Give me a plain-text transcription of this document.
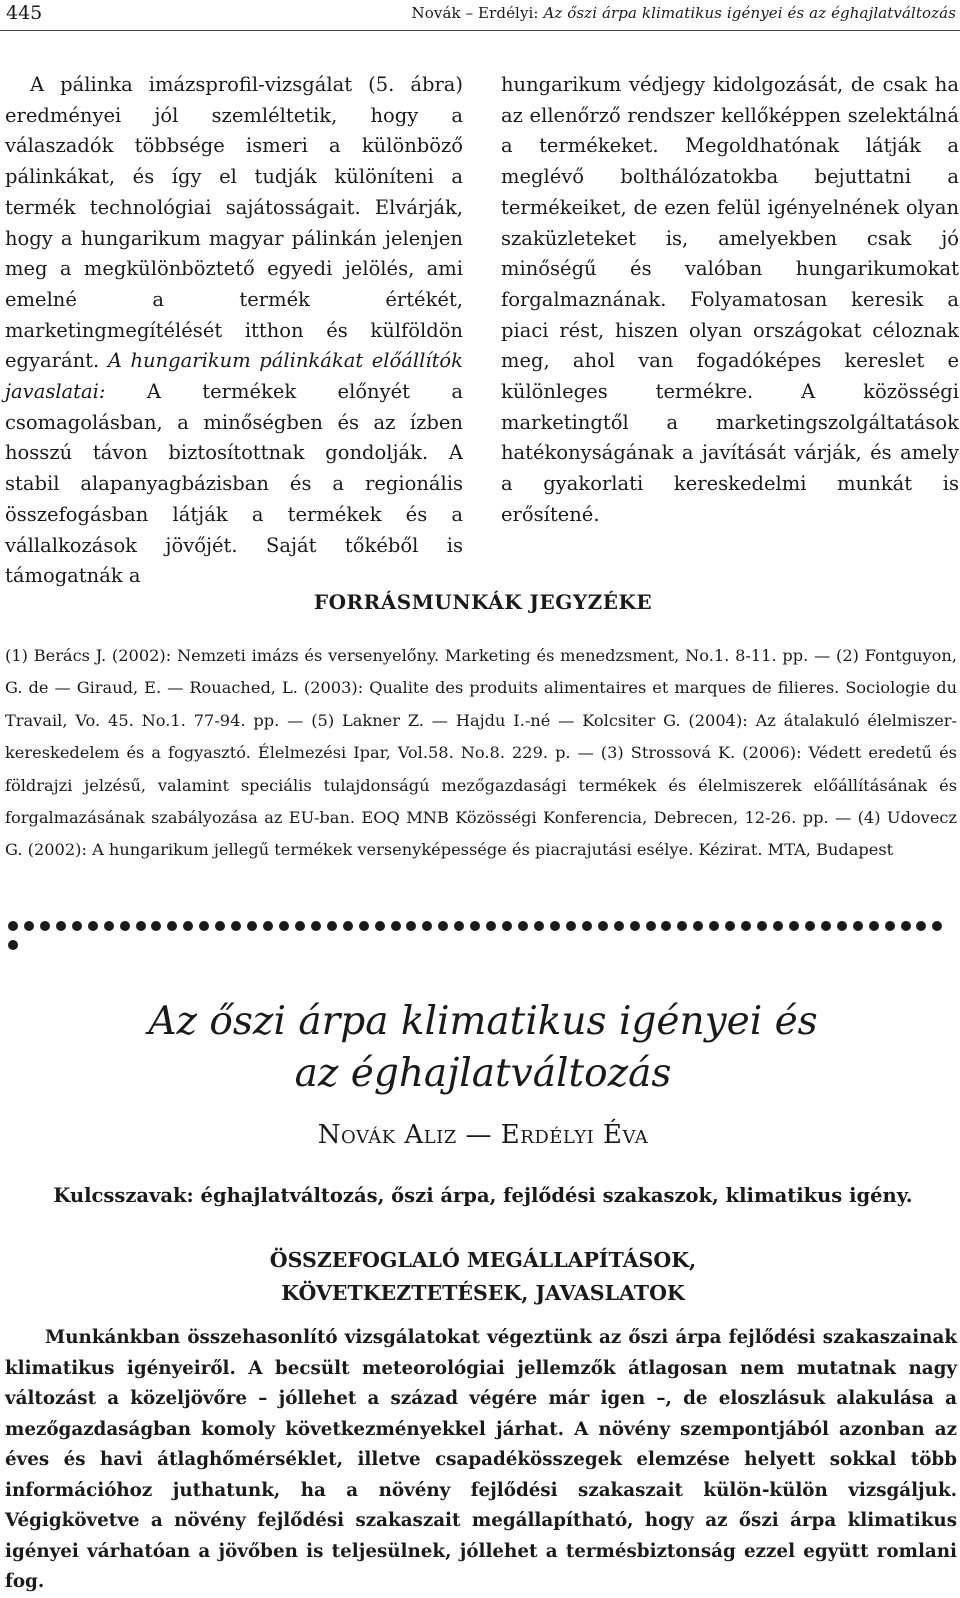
445	Novák – Erdélyi: Az őszi árpa klimatikus igényei és az éghajlatváltozás

A pálinka imázsprofil-vizsgálat (5. ábra) eredményei jól szemléltetik, hogy a válaszadók többsége ismeri a különböző pálinkákat, és így el tudják különíteni a termék technológiai sajátosságait. Elvárják, hogy a hungarikum magyar pálinkán jelenjen meg a megkülönböztető egyedi jelölés, ami emelné a termék értékét, marketingmegítélését itthon és külföldön egyaránt. A hungarikum pálinkákat előállítók javaslatai: A termékek előnyét a csomagolásban, a minőségben és az ízben hosszú távon biztosítottnak gondolják. A stabil alapanyagbázisban és a regionális összefogásban látják a termékek és a vállalkozások jövőjét. Saját tőkéből is támogatnák a

hungarikum védjegy kidolgozását, de csak ha az ellenőrző rendszer kellőképpen szelektálná a termékeket. Megoldhatónak látják a meglévő bolthálózatokba bejuttatni a termékeiket, de ezen felül igényelnének olyan szaküzleteket is, amelyekben csak jó minőségű és valóban hungarikumokat forgalmaznának. Folyamatosan keresik a piaci rést, hiszen olyan országokat céloznak meg, ahol van fogadóképes kereslet e különleges termékre. A közösségi marketingtől a marketingszolgáltatások hatékonyságának a javítását várják, és amely a gyakorlati kereskedelmi munkát is erősítené.

FORRÁSMUNKÁK JEGYZÉKE
(1) Berács J. (2002): Nemzeti imázs és versenyelőny. Marketing és menedzsment, No.1. 8-11. pp. — (2) Fontguyon, G. de — Giraud, E. — Rouached, L. (2003): Qualite des produits alimentaires et marques de filieres. Sociologie du Travail, Vo. 45. No.1. 77-94. pp. — (5) Lakner Z. — Hajdu I.-né — Kolcsiter G. (2004): Az átalakuló élelmiszer-kereskedelem és a fogyasztó. Élelmezési Ipar, Vol.58. No.8. 229. p. — (3) Strossová K. (2006): Védett eredetű és földrajzi jelzésű, valamint speciális tulajdonságú mezőgazdasági termékek és élelmiszerek előállításának és forgalmazásának szabályozása az EU-ban. EOQ MNB Közösségi Konferencia, Debrecen, 12-26. pp. — (4) Udovecz G. (2002): A hungarikum jellegű termékek versenyképessége és piacrajutási esélye. Kézirat. MTA, Budapest
Az őszi árpa klimatikus igényei és
az éghajlatváltozás
Novák Aliz — Erdélyi Éva
Kulcsszavak: éghajlatváltozás, őszi árpa, fejlődési szakaszok, klimatikus igény.
ÖSSZEFOGLALÓ MEGÁLLAPÍTÁSOK,
KÖVETKEZTETÉSEK, JAVASLATOK

Munkánkban összehasonlító vizsgálatokat végeztünk az őszi árpa fejlődési szakaszainak klimatikus igényeiről. A becsült meteorológiai jellemzők átlagosan nem mutatnak nagy változást a közeljövőre – jóllehet a század végére már igen –, de eloszlásuk alakulása a mezőgazdaságban komoly következményekkel járhat. A növény szempontjából azonban az éves és havi átlaghőmérséklet, illetve csapadékösszegek elemzése helyett sokkal több információhoz juthatunk, ha a növény fejlődési szakaszait külön-külön vizsgáljuk. Végigkövetve a növény fejlődési szakaszait megállapítható, hogy az őszi árpa klimatikus igényei várhatóan a jövőben is teljesülnek, jóllehet a termésbiztonság ezzel együtt romlani fog.
